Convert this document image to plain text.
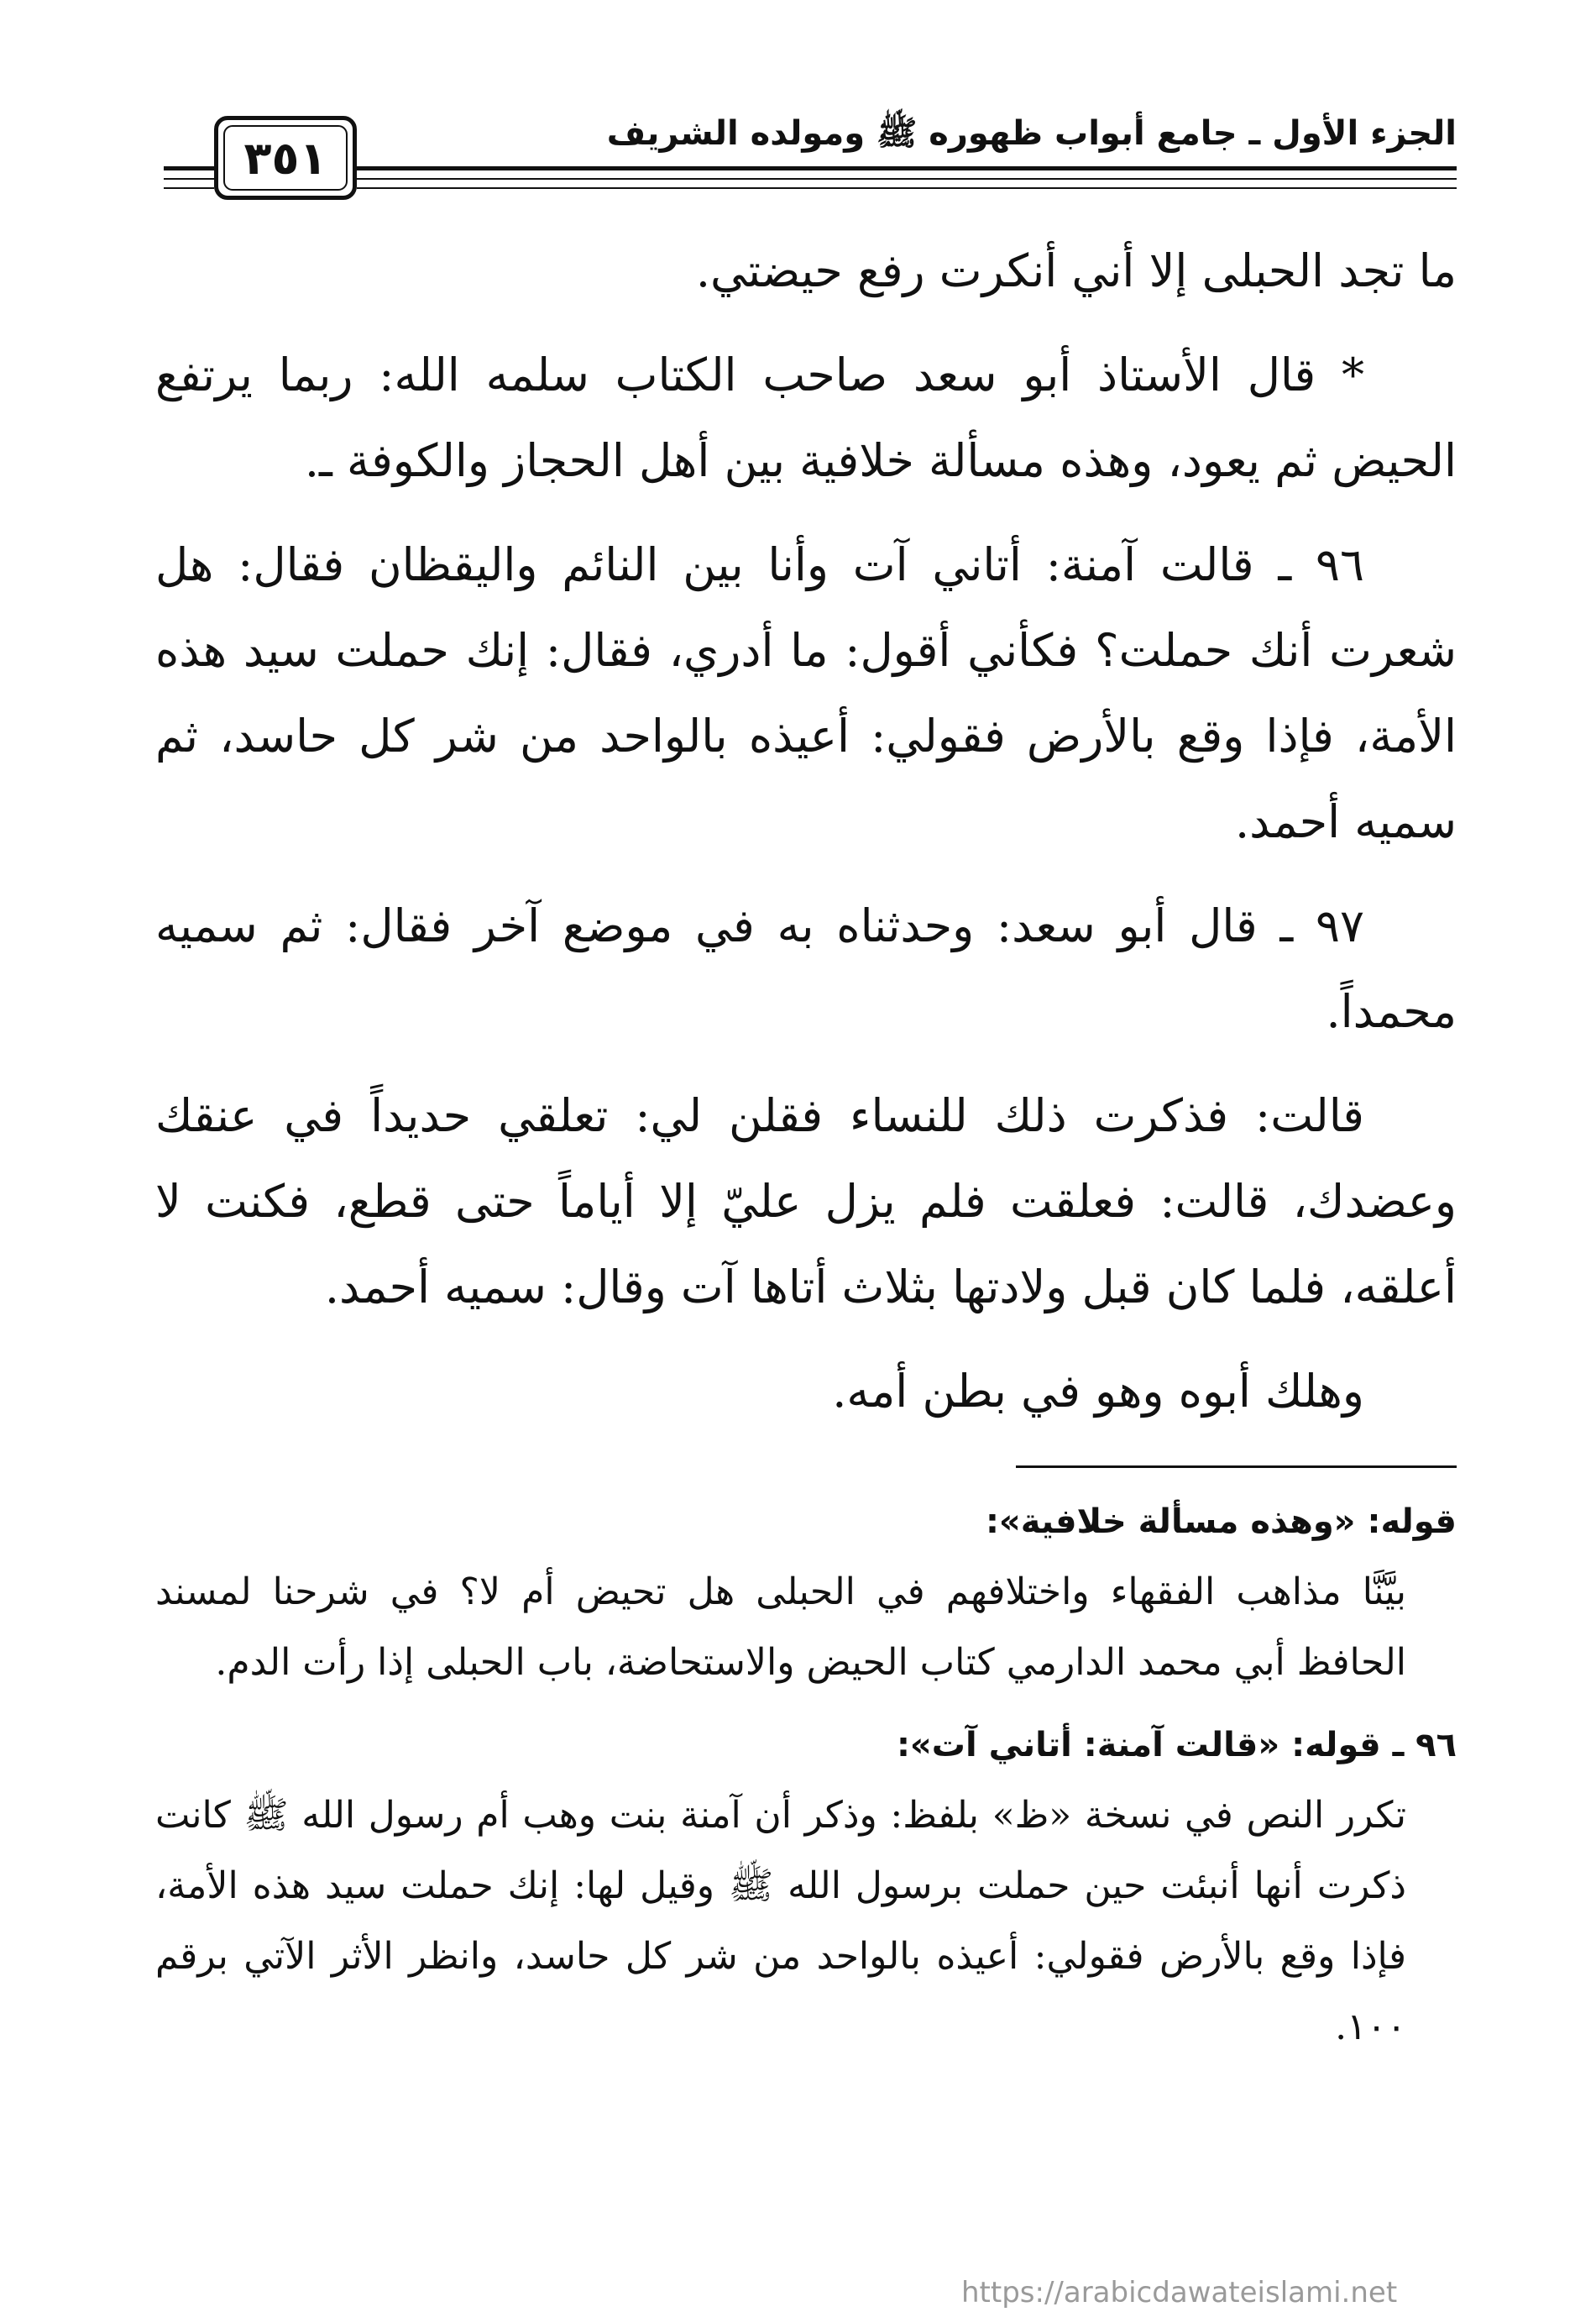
الجزء الأول ـ جامع أبواب ظهوره ﷺ ومولده الشريف
٣٥١

ما تجد الحبلى إلا أني أنكرت رفع حيضتي.

* قال الأستاذ أبو سعد صاحب الكتاب سلمه الله: ربما يرتفع الحيض ثم يعود، وهذه مسألة خلافية بين أهل الحجاز والكوفة ـ.

٩٦ ـ قالت آمنة: أتاني آت وأنا بين النائم واليقظان فقال: هل شعرت أنك حملت؟ فكأني أقول: ما أدري، فقال: إنك حملت سيد هذه الأمة، فإذا وقع بالأرض فقولي: أعيذه بالواحد من شر كل حاسد، ثم سميه أحمد.

٩٧ ـ قال أبو سعد: وحدثناه به في موضع آخر فقال: ثم سميه محمداً.

قالت: فذكرت ذلك للنساء فقلن لي: تعلقي حديداً في عنقك وعضدك، قالت: فعلقت فلم يزل عليّ إلا أياماً حتى قطع، فكنت لا أعلقه، فلما كان قبل ولادتها بثلاث أتاها آت وقال: سميه أحمد.

وهلك أبوه وهو في بطن أمه.

قوله: «وهذه مسألة خلافية»:

بيَّنَّا مذاهب الفقهاء واختلافهم في الحبلى هل تحيض أم لا؟ في شرحنا لمسند الحافظ أبي محمد الدارمي كتاب الحيض والاستحاضة، باب الحبلى إذا رأت الدم.

٩٦ ـ قوله: «قالت آمنة: أتاني آت»:

تكرر النص في نسخة «ظ» بلفظ: وذكر أن آمنة بنت وهب أم رسول الله ﷺ كانت ذكرت أنها أنبئت حين حملت برسول الله ﷺ وقيل لها: إنك حملت سيد هذه الأمة، فإذا وقع بالأرض فقولي: أعيذه بالواحد من شر كل حاسد، وانظر الأثر الآتي برقم ١٠٠.

https://arabicdawateislami.net
